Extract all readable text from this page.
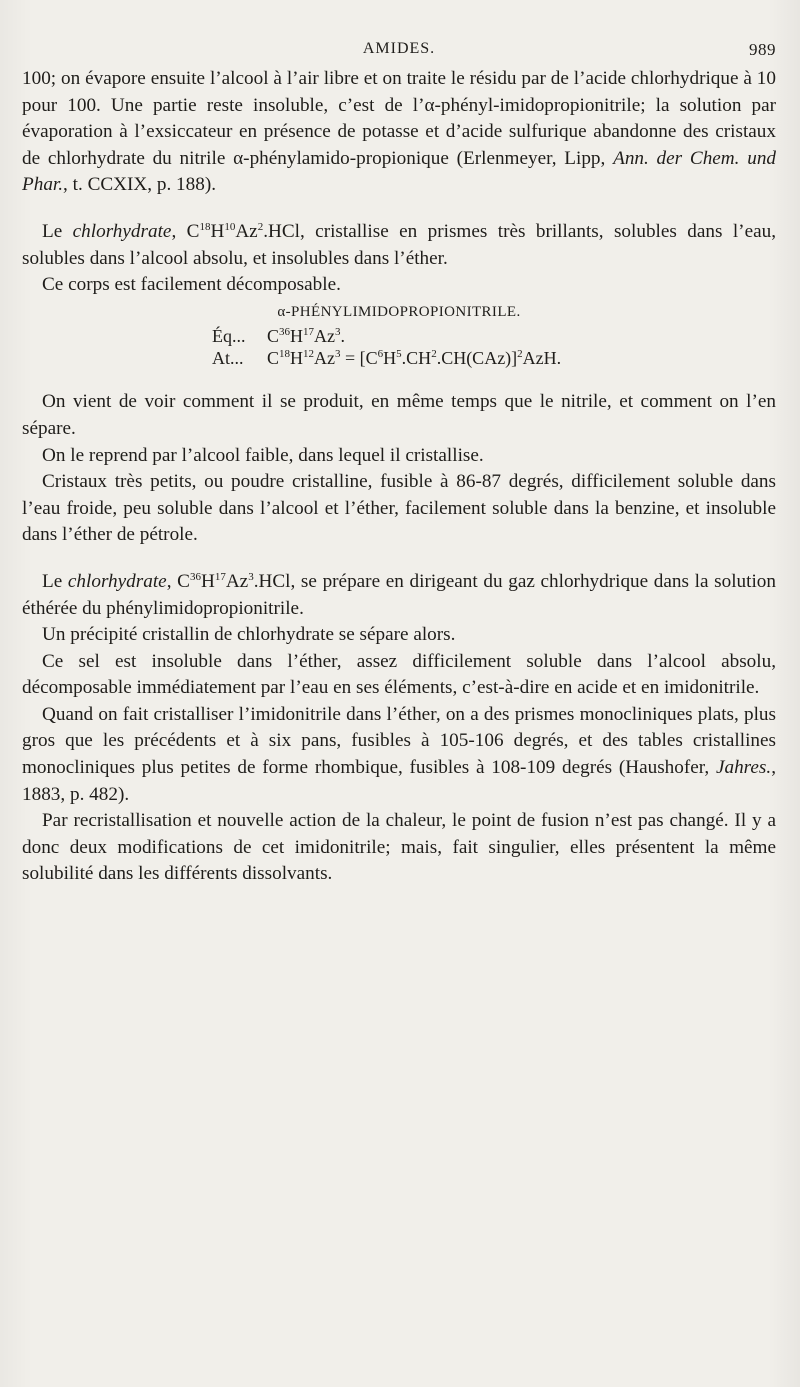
AMIDES.	989

100; on évapore ensuite l’alcool à l’air libre et on traite le résidu par de l’acide chlorhydrique à 10 pour 100. Une partie reste insoluble, c’est de l’α-phényl-imidopropionitrile; la solution par évaporation à l’exsiccateur en présence de potasse et d’acide sulfurique abandonne des cristaux de chlorhydrate du nitrile α-phénylamido-propionique (Erlenmeyer, Lipp, Ann. der Chem. und Phar., t. CCXIX, p. 188).

Le chlorhydrate, $C^{18}H^{10}Az^2.HCl$, cristallise en prismes très brillants, solubles dans l’eau, solubles dans l’alcool absolu, et insolubles dans l’éther.

Ce corps est facilement décomposable.

α-PHÉNYLIMIDOPROPIONITRILE.

Éq... $C^{36}H^{17}Az^3$.
At... $C^{18}H^{12}Az^3 = [C^6H^5.CH^2.CH(CAz)]^2AzH$.

On vient de voir comment il se produit, en même temps que le nitrile, et comment on l’en sépare.

On le reprend par l’alcool faible, dans lequel il cristallise.

Cristaux très petits, ou poudre cristalline, fusible à 86-87 degrés, difficilement soluble dans l’eau froide, peu soluble dans l’alcool et l’éther, facilement soluble dans la benzine, et insoluble dans l’éther de pétrole.

Le chlorhydrate, $C^{36}H^{17}Az^3.HCl$, se prépare en dirigeant du gaz chlorhydrique dans la solution éthérée du phénylimidopropionitrile.

Un précipité cristallin de chlorhydrate se sépare alors.

Ce sel est insoluble dans l’éther, assez difficilement soluble dans l’alcool absolu, décomposable immédiatement par l’eau en ses éléments, c’est-à-dire en acide et en imidonitrile.

Quand on fait cristalliser l’imidonitrile dans l’éther, on a des prismes monocliniques plats, plus gros que les précédents et à six pans, fusibles à 105-106 degrés, et des tables cristallines monocliniques plus petites de forme rhombique, fusibles à 108-109 degrés (Haushofer, Jahres., 1883, p. 482).

Par recristallisation et nouvelle action de la chaleur, le point de fusion n’est pas changé. Il y a donc deux modifications de cet imidonitrile; mais, fait singulier, elles présentent la même solubilité dans les différents dissolvants.
